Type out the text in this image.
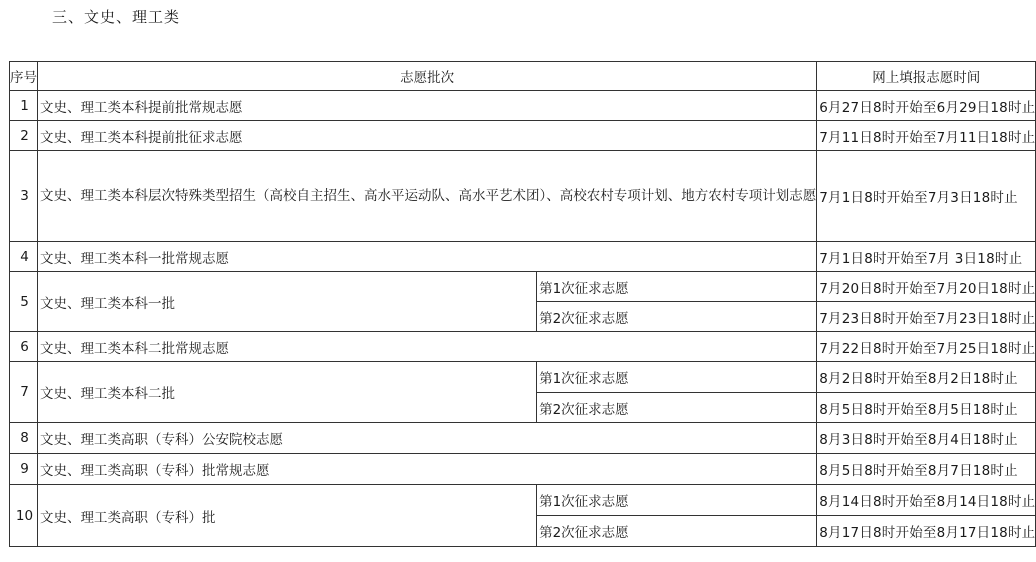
三、文史、理工类
序号	志愿批次		网上填报志愿时间
1	文史、理工类本科提前批常规志愿		6月27日8时开始至6月29日18时止
2	文史、理工类本科提前批征求志愿		7月11日8时开始至7月11日18时止
3	文史、理工类本科层次特殊类型招生（高校自主招生、高水平运动队、高水平艺术团）、高校农村专项计划、地方农村专项计划志愿		7月1日8时开始至7月3日18时止
4	文史、理工类本科一批常规志愿		7月1日8时开始至7月 3日18时止
5	文史、理工类本科一批	第1次征求志愿	7月20日8时开始至7月20日18时止
		第2次征求志愿	7月23日8时开始至7月23日18时止
6	文史、理工类本科二批常规志愿		7月22日8时开始至7月25日18时止
7	文史、理工类本科二批	第1次征求志愿	8月2日8时开始至8月2日18时止
		第2次征求志愿	8月5日8时开始至8月5日18时止
8	文史、理工类高职（专科）公安院校志愿		8月3日8时开始至8月4日18时止
9	文史、理工类高职（专科）批常规志愿		8月5日8时开始至8月7日18时止
10	文史、理工类高职（专科）批	第1次征求志愿	8月14日8时开始至8月14日18时止
		第2次征求志愿	8月17日8时开始至8月17日18时止
